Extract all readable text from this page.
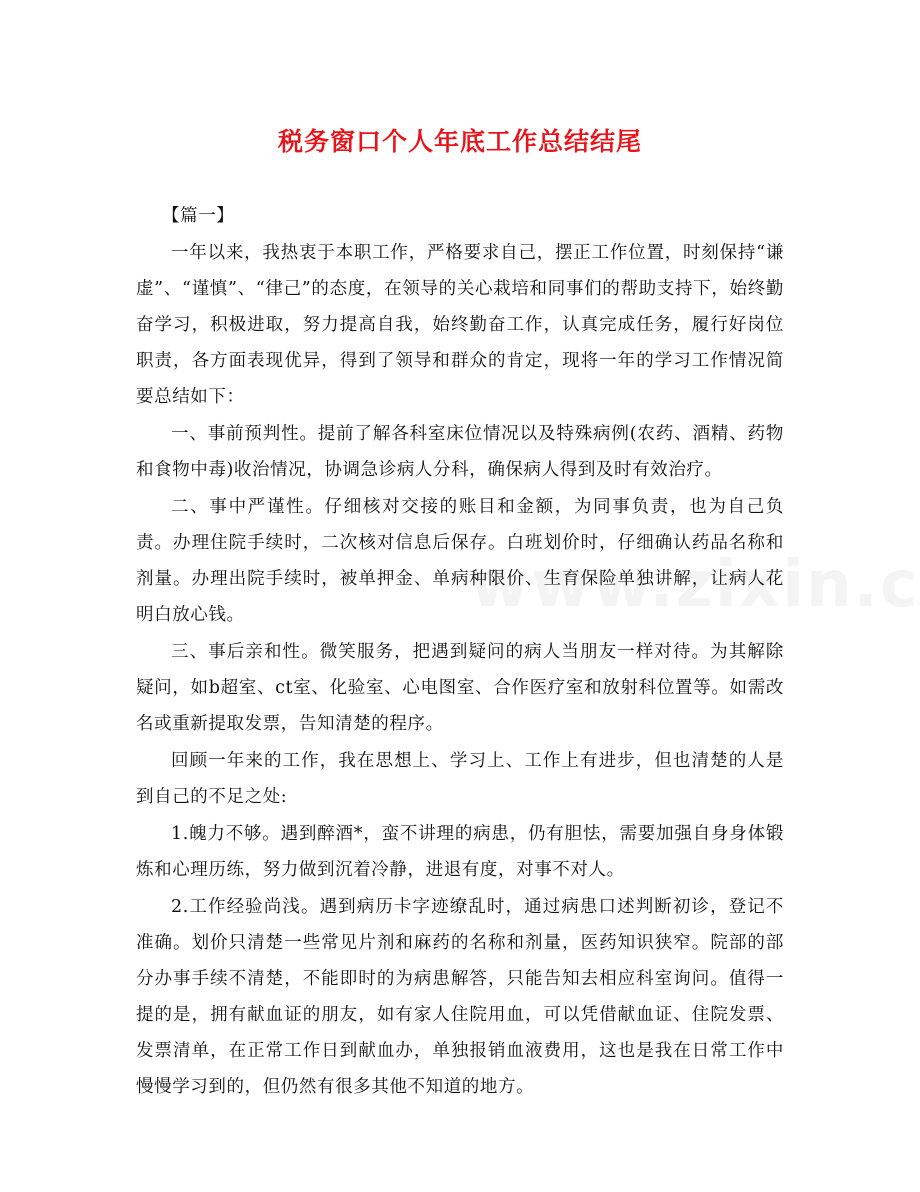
税务窗口个人年底工作总结结尾

【篇一】

一年以来，我热衷于本职工作，严格要求自己，摆正工作位置，时刻保持“谦虚”、“谨慎”、“律己”的态度，在领导的关心栽培和同事们的帮助支持下，始终勤奋学习，积极进取，努力提高自我，始终勤奋工作，认真完成任务，履行好岗位职责，各方面表现优异，得到了领导和群众的肯定，现将一年的学习工作情况简要总结如下：

一、事前预判性。提前了解各科室床位情况以及特殊病例(农药、酒精、药物和食物中毒)收治情况，协调急诊病人分科，确保病人得到及时有效治疗。

二、事中严谨性。仔细核对交接的账目和金额，为同事负责，也为自己负责。办理住院手续时，二次核对信息后保存。白班划价时，仔细确认药品名称和剂量。办理出院手续时，被单押金、单病种限价、生育保险单独讲解，让病人花明白放心钱。

三、事后亲和性。微笑服务，把遇到疑问的病人当朋友一样对待。为其解除疑问，如b超室、ct室、化验室、心电图室、合作医疗室和放射科位置等。如需改名或重新提取发票，告知清楚的程序。

回顾一年来的工作，我在思想上、学习上、工作上有进步，但也清楚的人是到自己的不足之处:

1.魄力不够。遇到醉酒*，蛮不讲理的病患，仍有胆怯，需要加强自身身体锻炼和心理历练，努力做到沉着冷静，进退有度，对事不对人。

2.工作经验尚浅。遇到病历卡字迹缭乱时，通过病患口述判断初诊，登记不准确。划价只清楚一些常见片剂和麻药的名称和剂量，医药知识狭窄。院部的部分办事手续不清楚，不能即时的为病患解答，只能告知去相应科室询问。值得一提的是，拥有献血证的朋友，如有家人住院用血，可以凭借献血证、住院发票、发票清单，在正常工作日到献血办，单独报销血液费用，这也是我在日常工作中慢慢学习到的，但仍然有很多其他不知道的地方。
